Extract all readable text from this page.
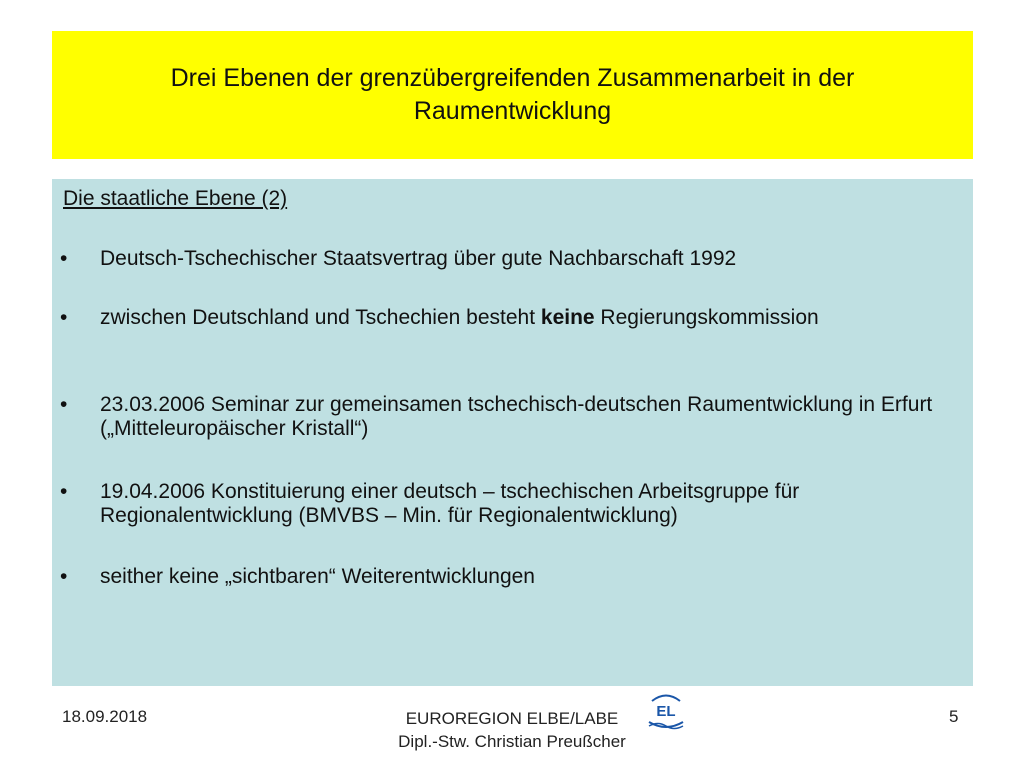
Drei Ebenen der grenzübergreifenden Zusammenarbeit in der
Raumentwicklung
Die staatliche Ebene (2)
•	Deutsch-Tschechischer Staatsvertrag über gute Nachbarschaft 1992
•	zwischen Deutschland und Tschechien besteht keine Regierungskommission
•	23.03.2006 Seminar zur gemeinsamen tschechisch-deutschen Raumentwicklung in Erfurt („Mitteleuropäischer Kristall“)
•	19.04.2006 Konstituierung einer deutsch – tschechischen Arbeitsgruppe für Regionalentwicklung (BMVBS – Min. für Regionalentwicklung)
•	seither keine „sichtbaren“ Weiterentwicklungen
18.09.2018	EUROREGION ELBE/LABE
Dipl.-Stw. Christian Preußcher
EL	5
